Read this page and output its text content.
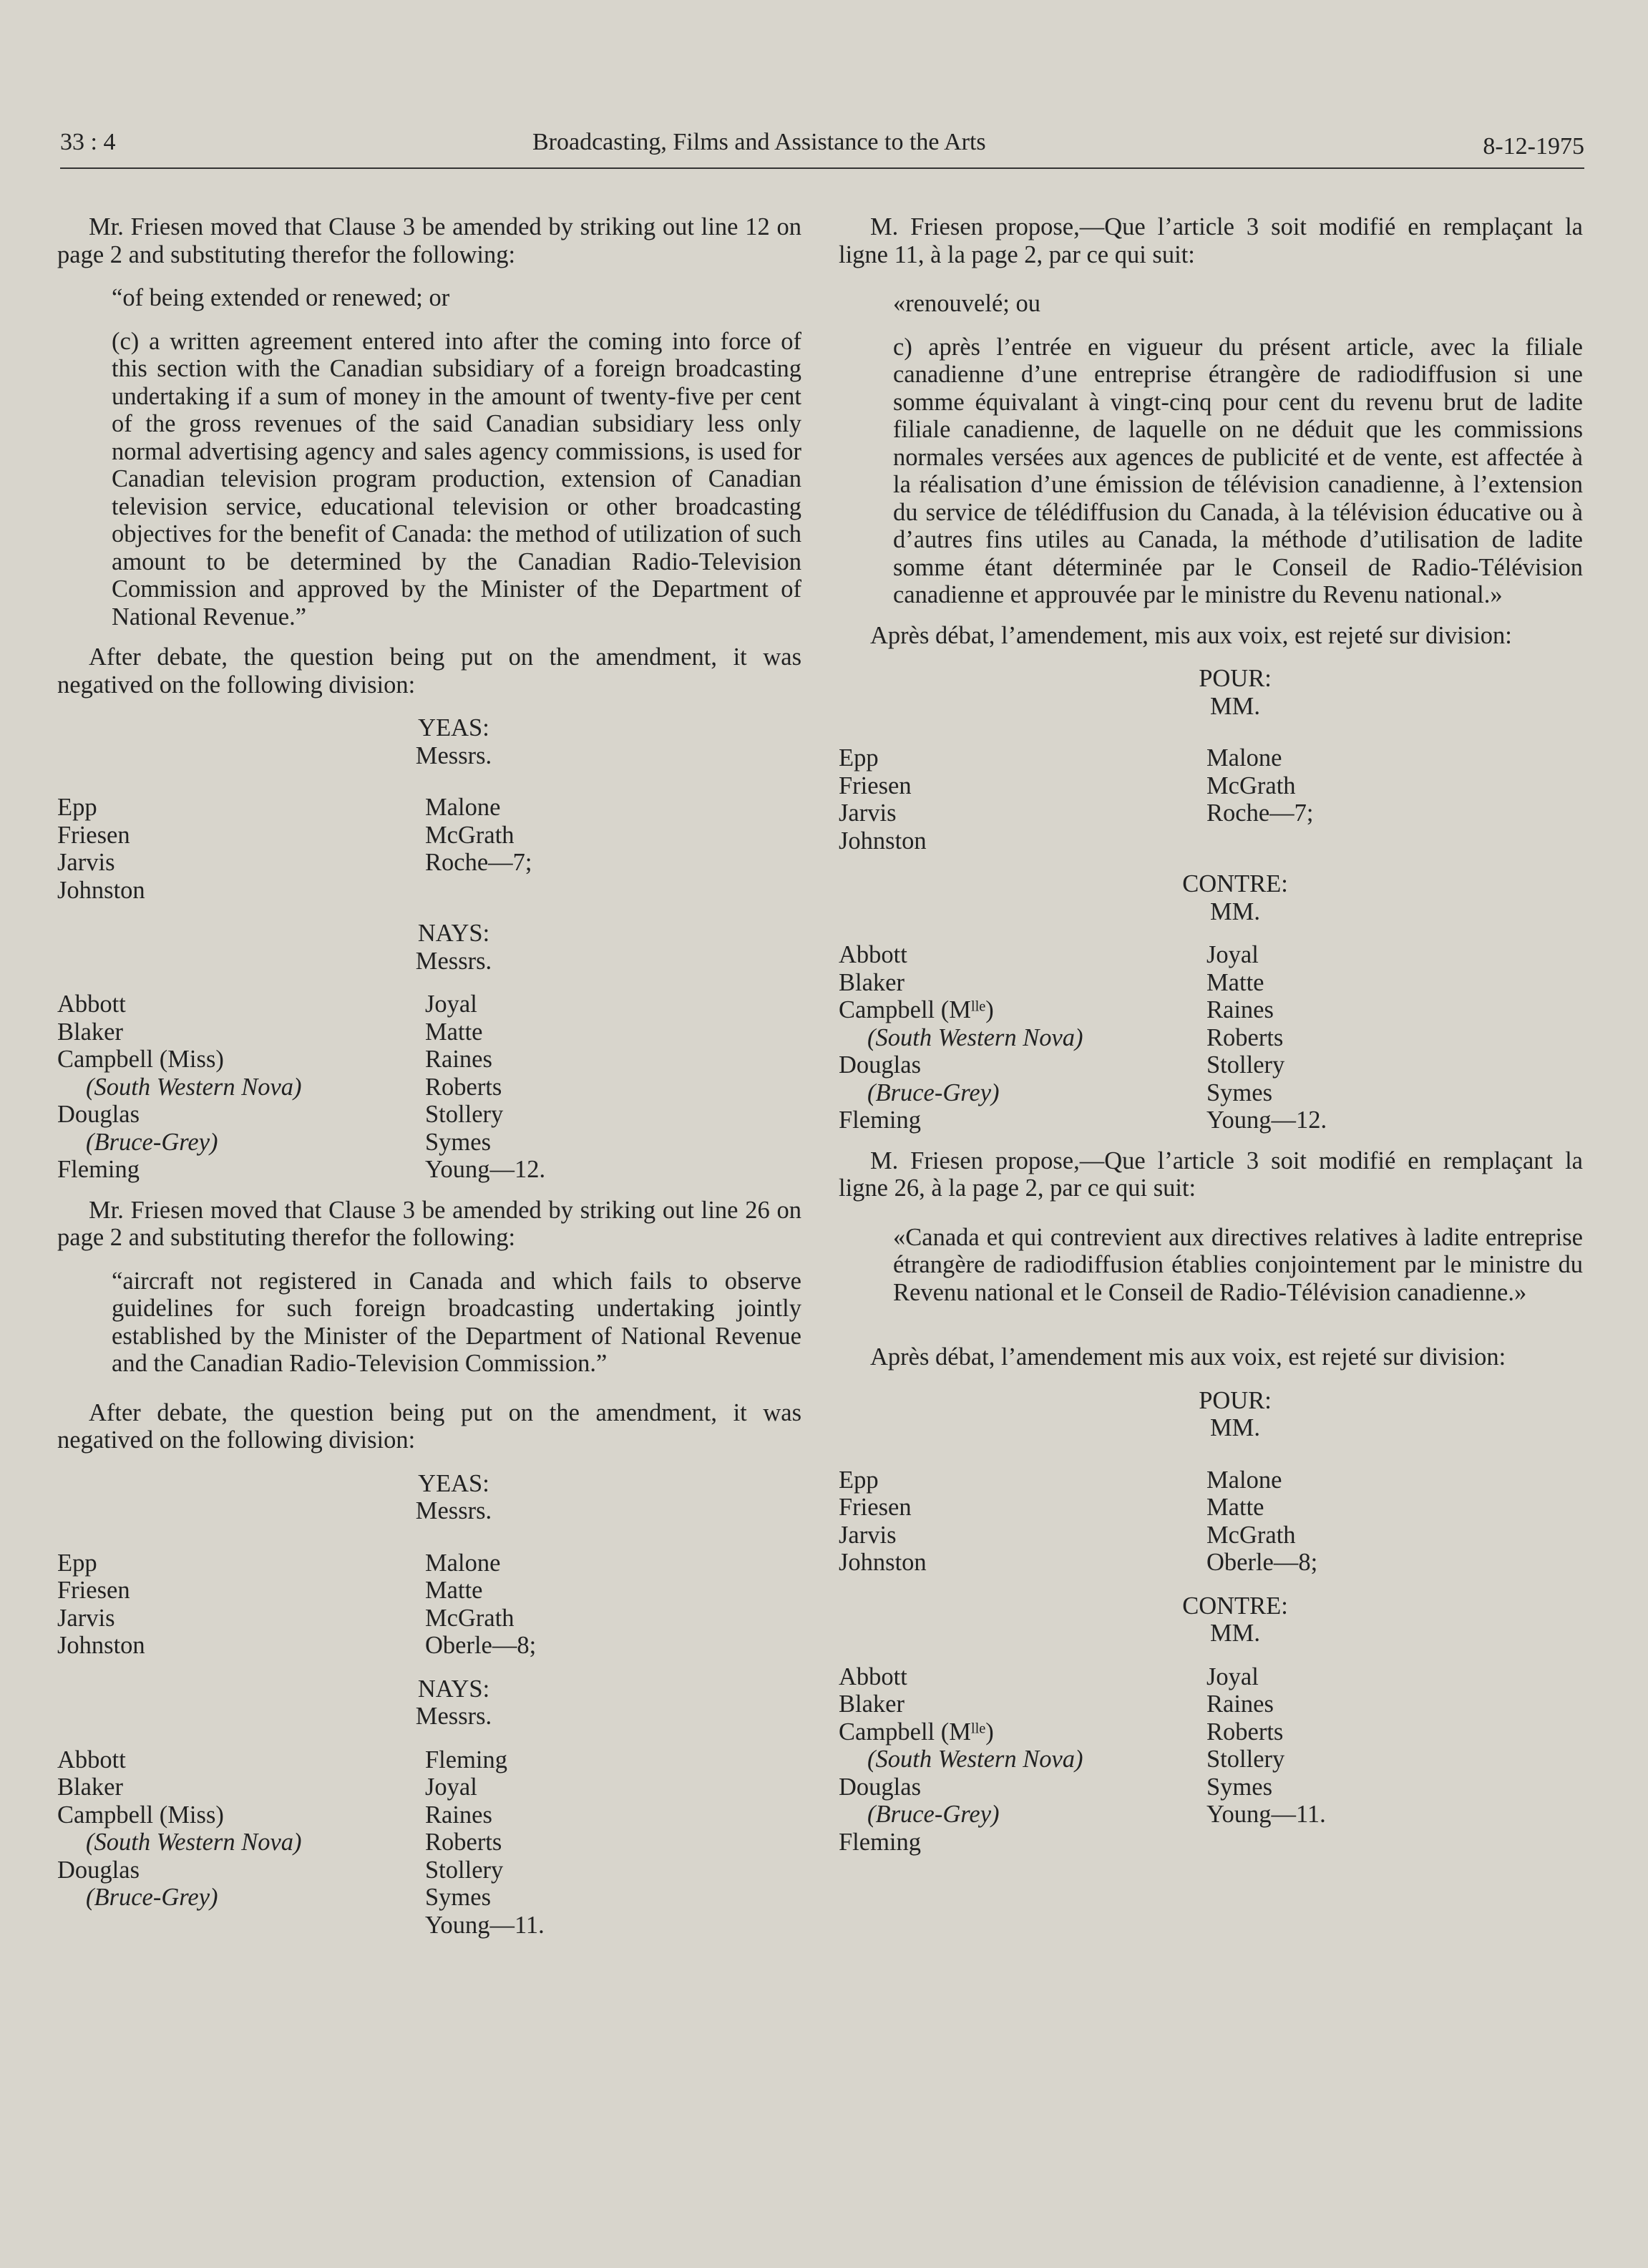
33 : 4	Broadcasting, Films and Assistance to the Arts	8-12-1975

Mr. Friesen moved that Clause 3 be amended by striking out line 12 on page 2 and substituting therefor the following:

“of being extended or renewed; or

(c) a written agreement entered into after the coming into force of this section with the Canadian subsidiary of a foreign broadcasting undertaking if a sum of money in the amount of twenty-five per cent of the gross revenues of the said Canadian subsidiary less only normal advertising agency and sales agency commissions, is used for Canadian television program production, extension of Canadian television service, educational television or other broadcasting objectives for the benefit of Canada: the method of utilization of such amount to be determined by the Canadian Radio-Television Commission and approved by the Minister of the Department of National Revenue.”

After debate, the question being put on the amendment, it was negatived on the following division:

YEAS:
Messrs.
Epp
Friesen
Jarvis
Johnston
Malone
McGrath
Roche—7;
NAYS:
Messrs.
Abbott
Blaker
Campbell (Miss)
(South Western Nova)
Douglas
(Bruce-Grey)
Fleming
Joyal
Matte
Raines
Roberts
Stollery
Symes
Young—12.

Mr. Friesen moved that Clause 3 be amended by striking out line 26 on page 2 and substituting therefor the following:

“aircraft not registered in Canada and which fails to observe guidelines for such foreign broadcasting undertaking jointly established by the Minister of the Department of National Revenue and the Canadian Radio-Television Commission.”

After debate, the question being put on the amendment, it was negatived on the following division:

YEAS:
Messrs.
Epp
Friesen
Jarvis
Johnston
Malone
Matte
McGrath
Oberle—8;
NAYS:
Messrs.
Abbott
Blaker
Campbell (Miss)
(South Western Nova)
Douglas
(Bruce-Grey)
Fleming
Joyal
Raines
Roberts
Stollery
Symes
Young—11.

M. Friesen propose,—Que l’article 3 soit modifié en remplaçant la ligne 11, à la page 2, par ce qui suit:

«renouvelé; ou

c) après l’entrée en vigueur du présent article, avec la filiale canadienne d’une entreprise étrangère de radiodiffusion si une somme équivalant à vingt-cinq pour cent du revenu brut de ladite filiale canadienne, de laquelle on ne déduit que les commissions normales versées aux agences de publicité et de vente, est affectée à la réalisation d’une émission de télévision canadienne, à l’extension du service de télédiffusion du Canada, à la télévision éducative ou à d’autres fins utiles au Canada, la méthode d’utilisation de ladite somme étant déterminée par le Conseil de Radio-Télévision canadienne et approuvée par le ministre du Revenu national.»

Après débat, l’amendement, mis aux voix, est rejeté sur division:

POUR:
MM.
Epp
Friesen
Jarvis
Johnston
Malone
McGrath
Roche—7;
CONTRE:
MM.
Abbott
Blaker
Campbell (Mˡˡᵉ)
(South Western Nova)
Douglas
(Bruce-Grey)
Fleming
Joyal
Matte
Raines
Roberts
Stollery
Symes
Young—12.

M. Friesen propose,—Que l’article 3 soit modifié en remplaçant la ligne 26, à la page 2, par ce qui suit:

«Canada et qui contrevient aux directives relatives à ladite entreprise étrangère de radiodiffusion établies conjointement par le ministre du Revenu national et le Conseil de Radio-Télévision canadienne.»

Après débat, l’amendement mis aux voix, est rejeté sur division:

POUR:
MM.
Epp
Friesen
Jarvis
Johnston
Malone
Matte
McGrath
Oberle—8;
CONTRE:
MM.
Abbott
Blaker
Campbell (Mˡˡᵉ)
(South Western Nova)
Douglas
(Bruce-Grey)
Fleming
Joyal
Raines
Roberts
Stollery
Symes
Young—11.
